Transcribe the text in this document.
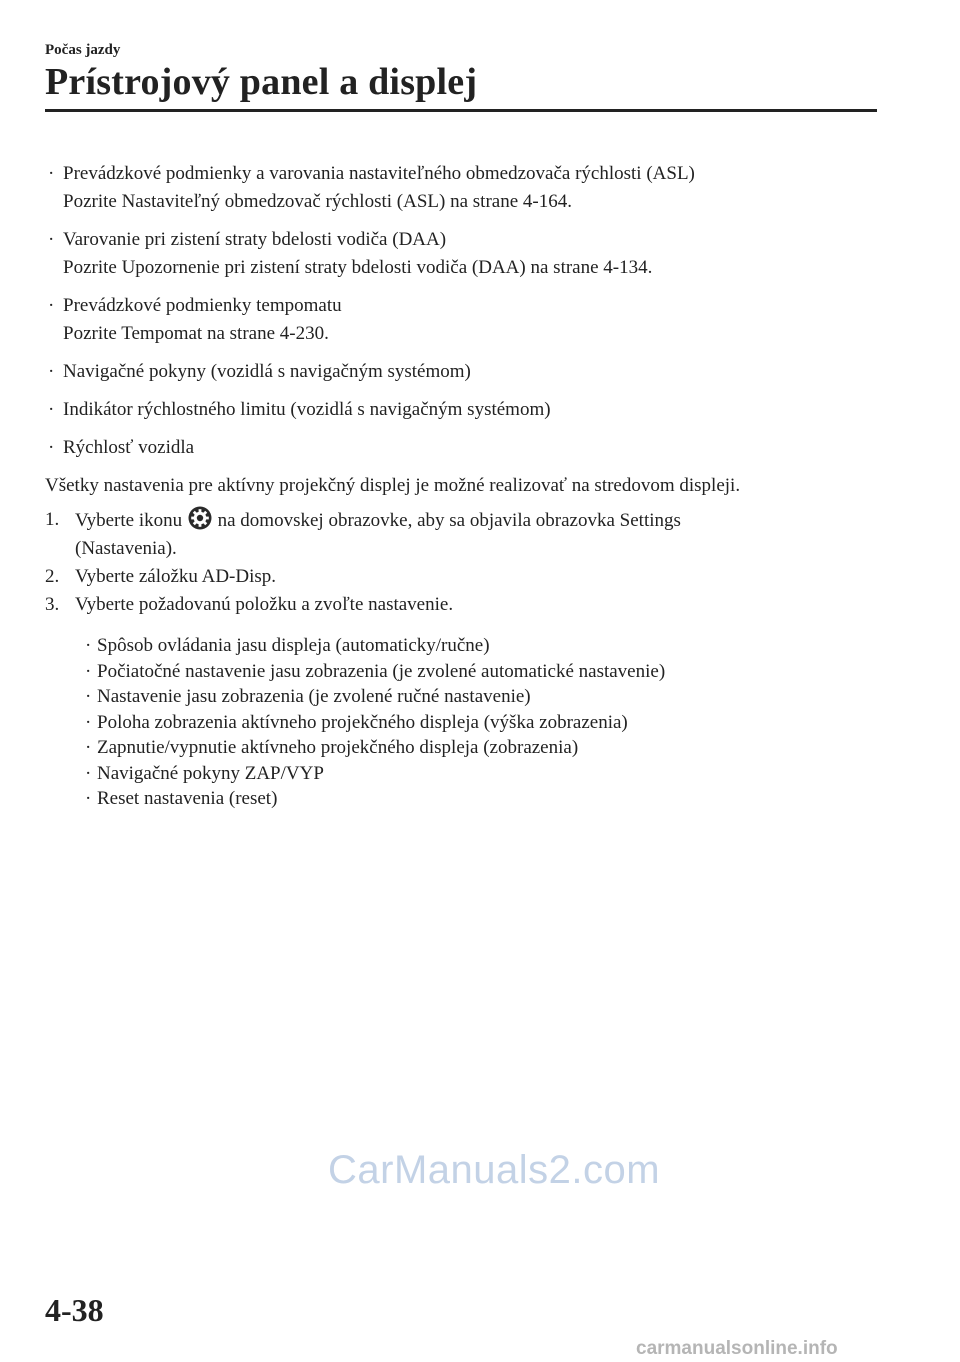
Počas jazdy
Prístrojový panel a displej
· Prevádzkové podmienky a varovania nastaviteľného obmedzovača rýchlosti (ASL)
Pozrite Nastaviteľný obmedzovač rýchlosti (ASL) na strane 4-164.
· Varovanie pri zistení straty bdelosti vodiča (DAA)
Pozrite Upozornenie pri zistení straty bdelosti vodiča (DAA) na strane 4-134.
· Prevádzkové podmienky tempomatu
Pozrite Tempomat na strane 4-230.
· Navigačné pokyny (vozidlá s navigačným systémom)
· Indikátor rýchlostného limitu (vozidlá s navigačným systémom)
· Rýchlosť vozidla
Všetky nastavenia pre aktívny projekčný displej je možné realizovať na stredovom displeji.
1. Vyberte ikonu na domovskej obrazovke, aby sa objavila obrazovka Settings
(Nastavenia).
2. Vyberte záložku AD-Disp.
3. Vyberte požadovanú položku a zvoľte nastavenie.
· Spôsob ovládania jasu displeja (automaticky/ručne)
· Počiatočné nastavenie jasu zobrazenia (je zvolené automatické nastavenie)
· Nastavenie jasu zobrazenia (je zvolené ručné nastavenie)
· Poloha zobrazenia aktívneho projekčného displeja (výška zobrazenia)
· Zapnutie/vypnutie aktívneho projekčného displeja (zobrazenia)
· Navigačné pokyny ZAP/VYP
· Reset nastavenia (reset)
CarManuals2.com
4-38
carmanualsonline.info
